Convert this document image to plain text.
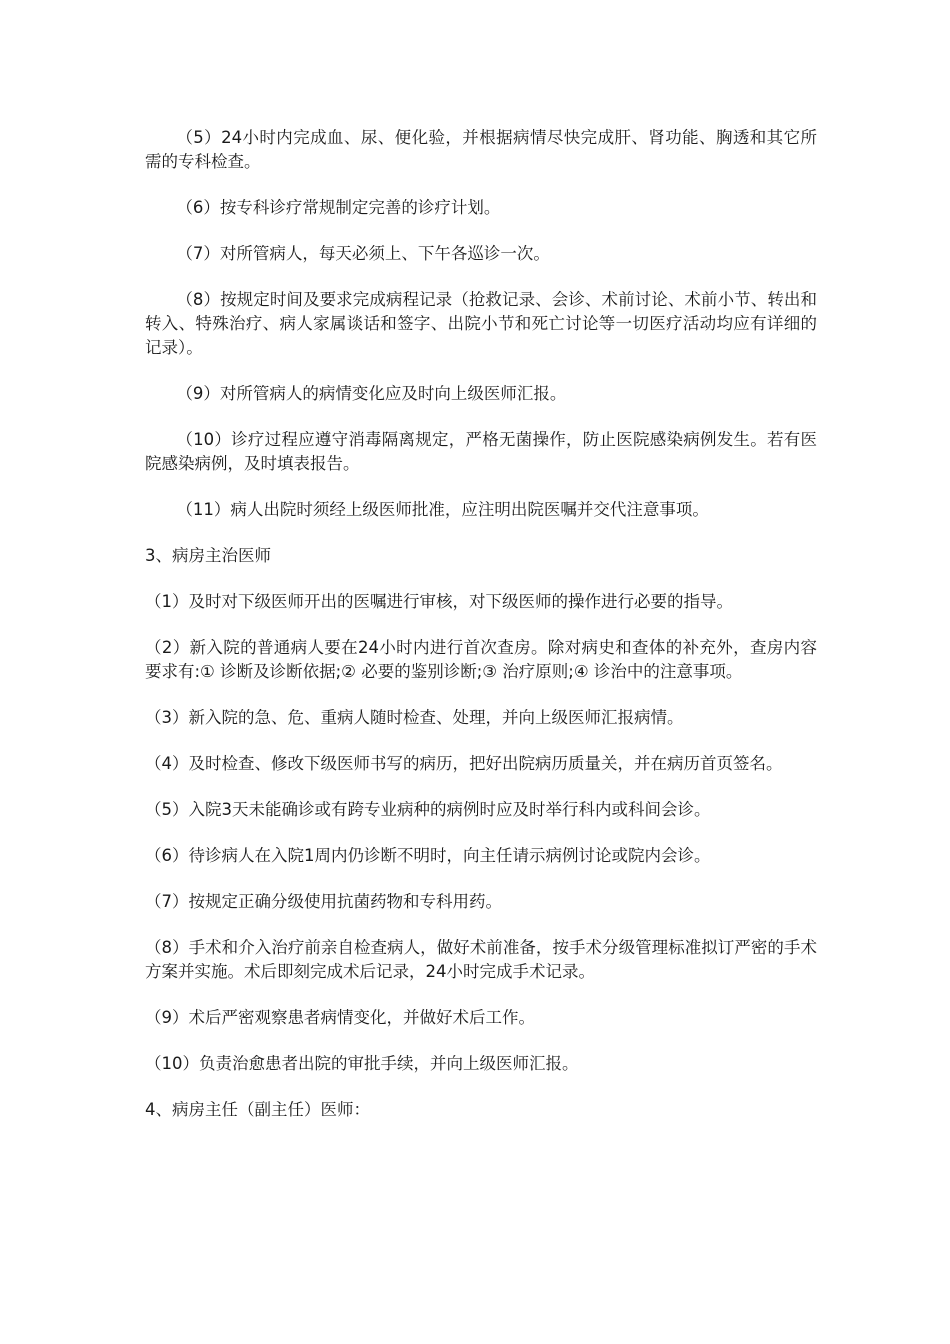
（5）24小时内完成血、尿、便化验，并根据病情尽快完成肝、肾功能、胸透和其它所需的专科检查。

（6）按专科诊疗常规制定完善的诊疗计划。

（7）对所管病人，每天必须上、下午各巡诊一次。

（8）按规定时间及要求完成病程记录（抢救记录、会诊、术前讨论、术前小节、转出和转入、特殊治疗、病人家属谈话和签字、出院小节和死亡讨论等一切医疗活动均应有详细的记录）。

（9）对所管病人的病情变化应及时向上级医师汇报。

（10）诊疗过程应遵守消毒隔离规定，严格无菌操作，防止医院感染病例发生。若有医院感染病例，及时填表报告。

（11）病人出院时须经上级医师批准，应注明出院医嘱并交代注意事项。

3、病房主治医师

（1）及时对下级医师开出的医嘱进行审核，对下级医师的操作进行必要的指导。

（2）新入院的普通病人要在24小时内进行首次查房。除对病史和查体的补充外，查房内容要求有:① 诊断及诊断依据;② 必要的鉴别诊断;③ 治疗原则;④ 诊治中的注意事项。

（3）新入院的急、危、重病人随时检查、处理，并向上级医师汇报病情。

（4）及时检查、修改下级医师书写的病历，把好出院病历质量关，并在病历首页签名。

（5）入院3天未能确诊或有跨专业病种的病例时应及时举行科内或科间会诊。

（6）待诊病人在入院1周内仍诊断不明时，向主任请示病例讨论或院内会诊。

（7）按规定正确分级使用抗菌药物和专科用药。

（8）手术和介入治疗前亲自检查病人，做好术前准备，按手术分级管理标准拟订严密的手术方案并实施。术后即刻完成术后记录，24小时完成手术记录。

（9）术后严密观察患者病情变化，并做好术后工作。

（10）负责治愈患者出院的审批手续，并向上级医师汇报。

4、病房主任（副主任）医师：
